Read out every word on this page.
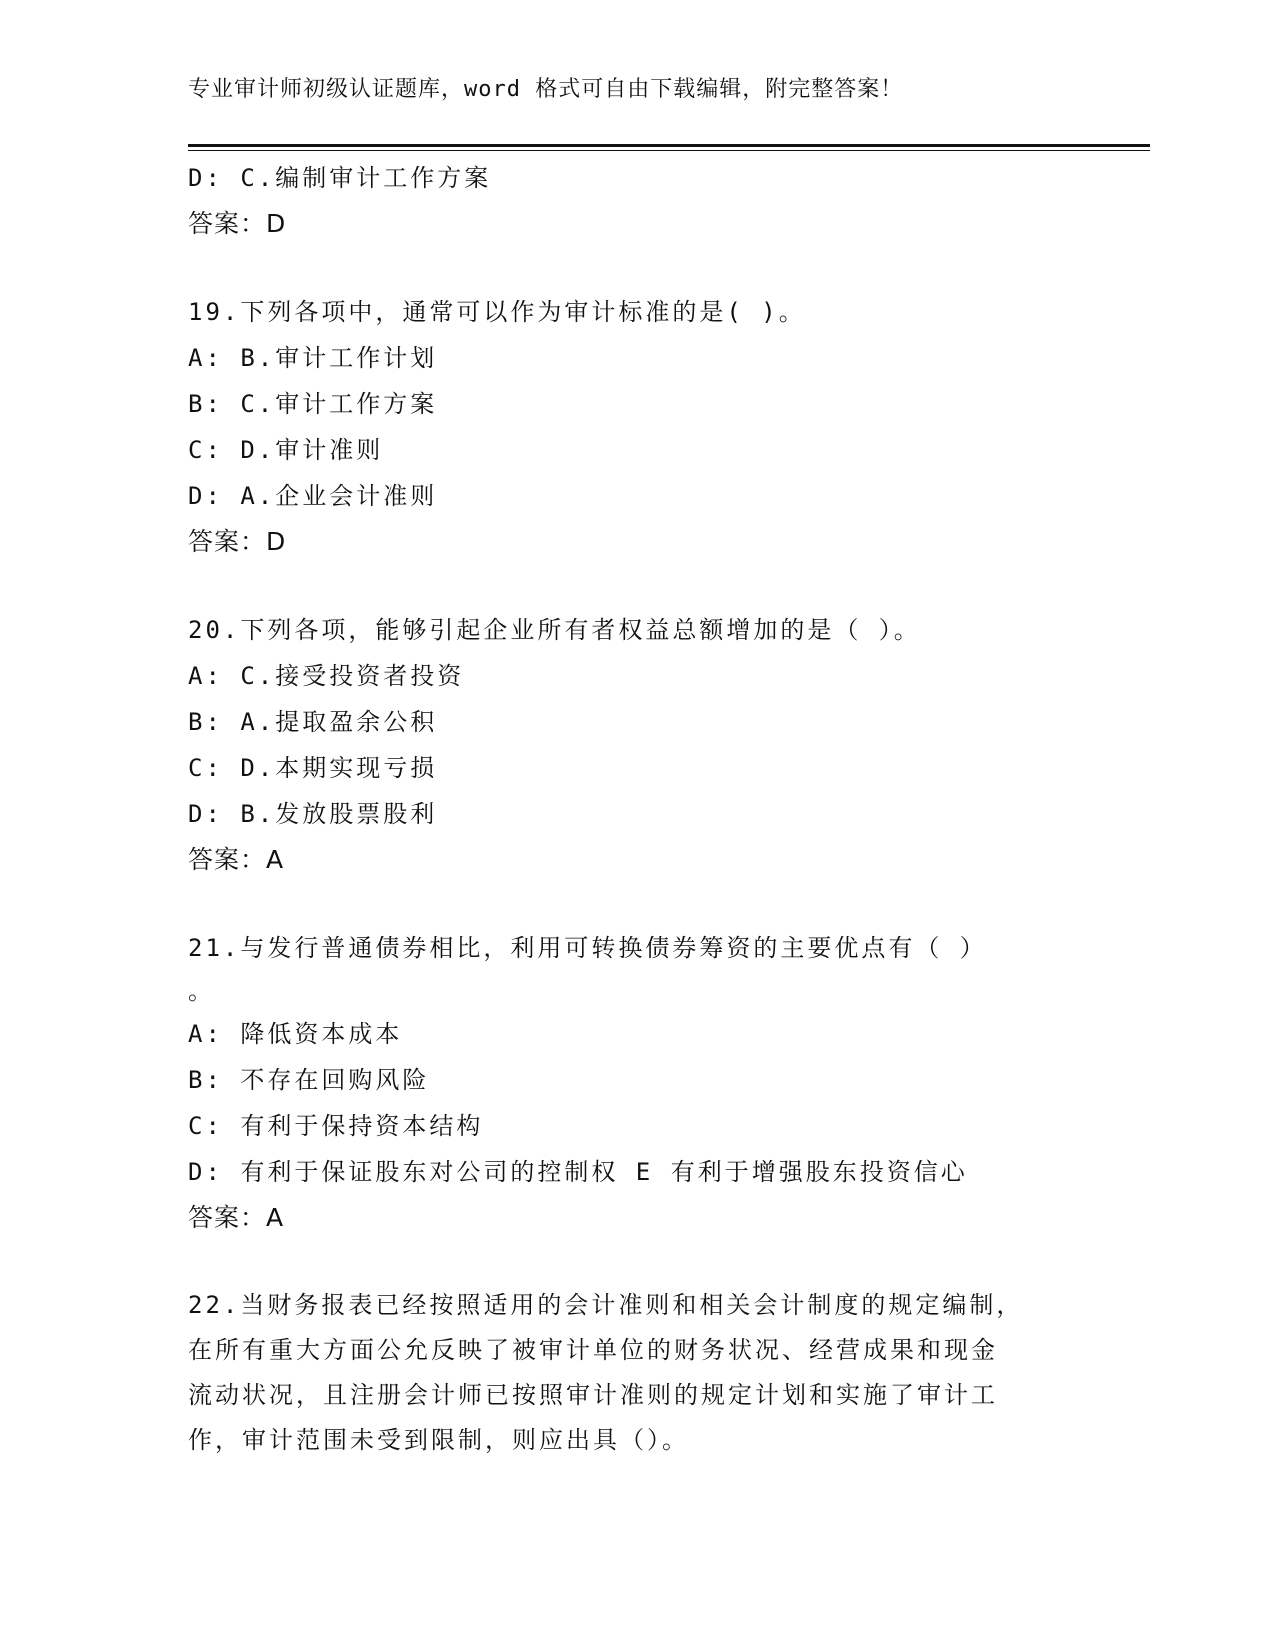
专业审计师初级认证题库，word 格式可自由下载编辑，附完整答案！
D: C.编制审计工作方案
答案：D
19.下列各项中，通常可以作为审计标准的是( )。
A: B.审计工作计划
B: C.审计工作方案
C: D.审计准则
D: A.企业会计准则
答案：D
20.下列各项，能够引起企业所有者权益总额增加的是（ ）。
A: C.接受投资者投资
B: A.提取盈余公积
C: D.本期实现亏损
D: B.发放股票股利
答案：A
21.与发行普通债券相比，利用可转换债券筹资的主要优点有（ ）
。
A: 降低资本成本
B: 不存在回购风险
C: 有利于保持资本结构
D: 有利于保证股东对公司的控制权 E 有利于增强股东投资信心
答案：A
22.当财务报表已经按照适用的会计准则和相关会计制度的规定编制，
在所有重大方面公允反映了被审计单位的财务状况、经营成果和现金
流动状况，且注册会计师已按照审计准则的规定计划和实施了审计工
作，审计范围未受到限制，则应出具（）。
